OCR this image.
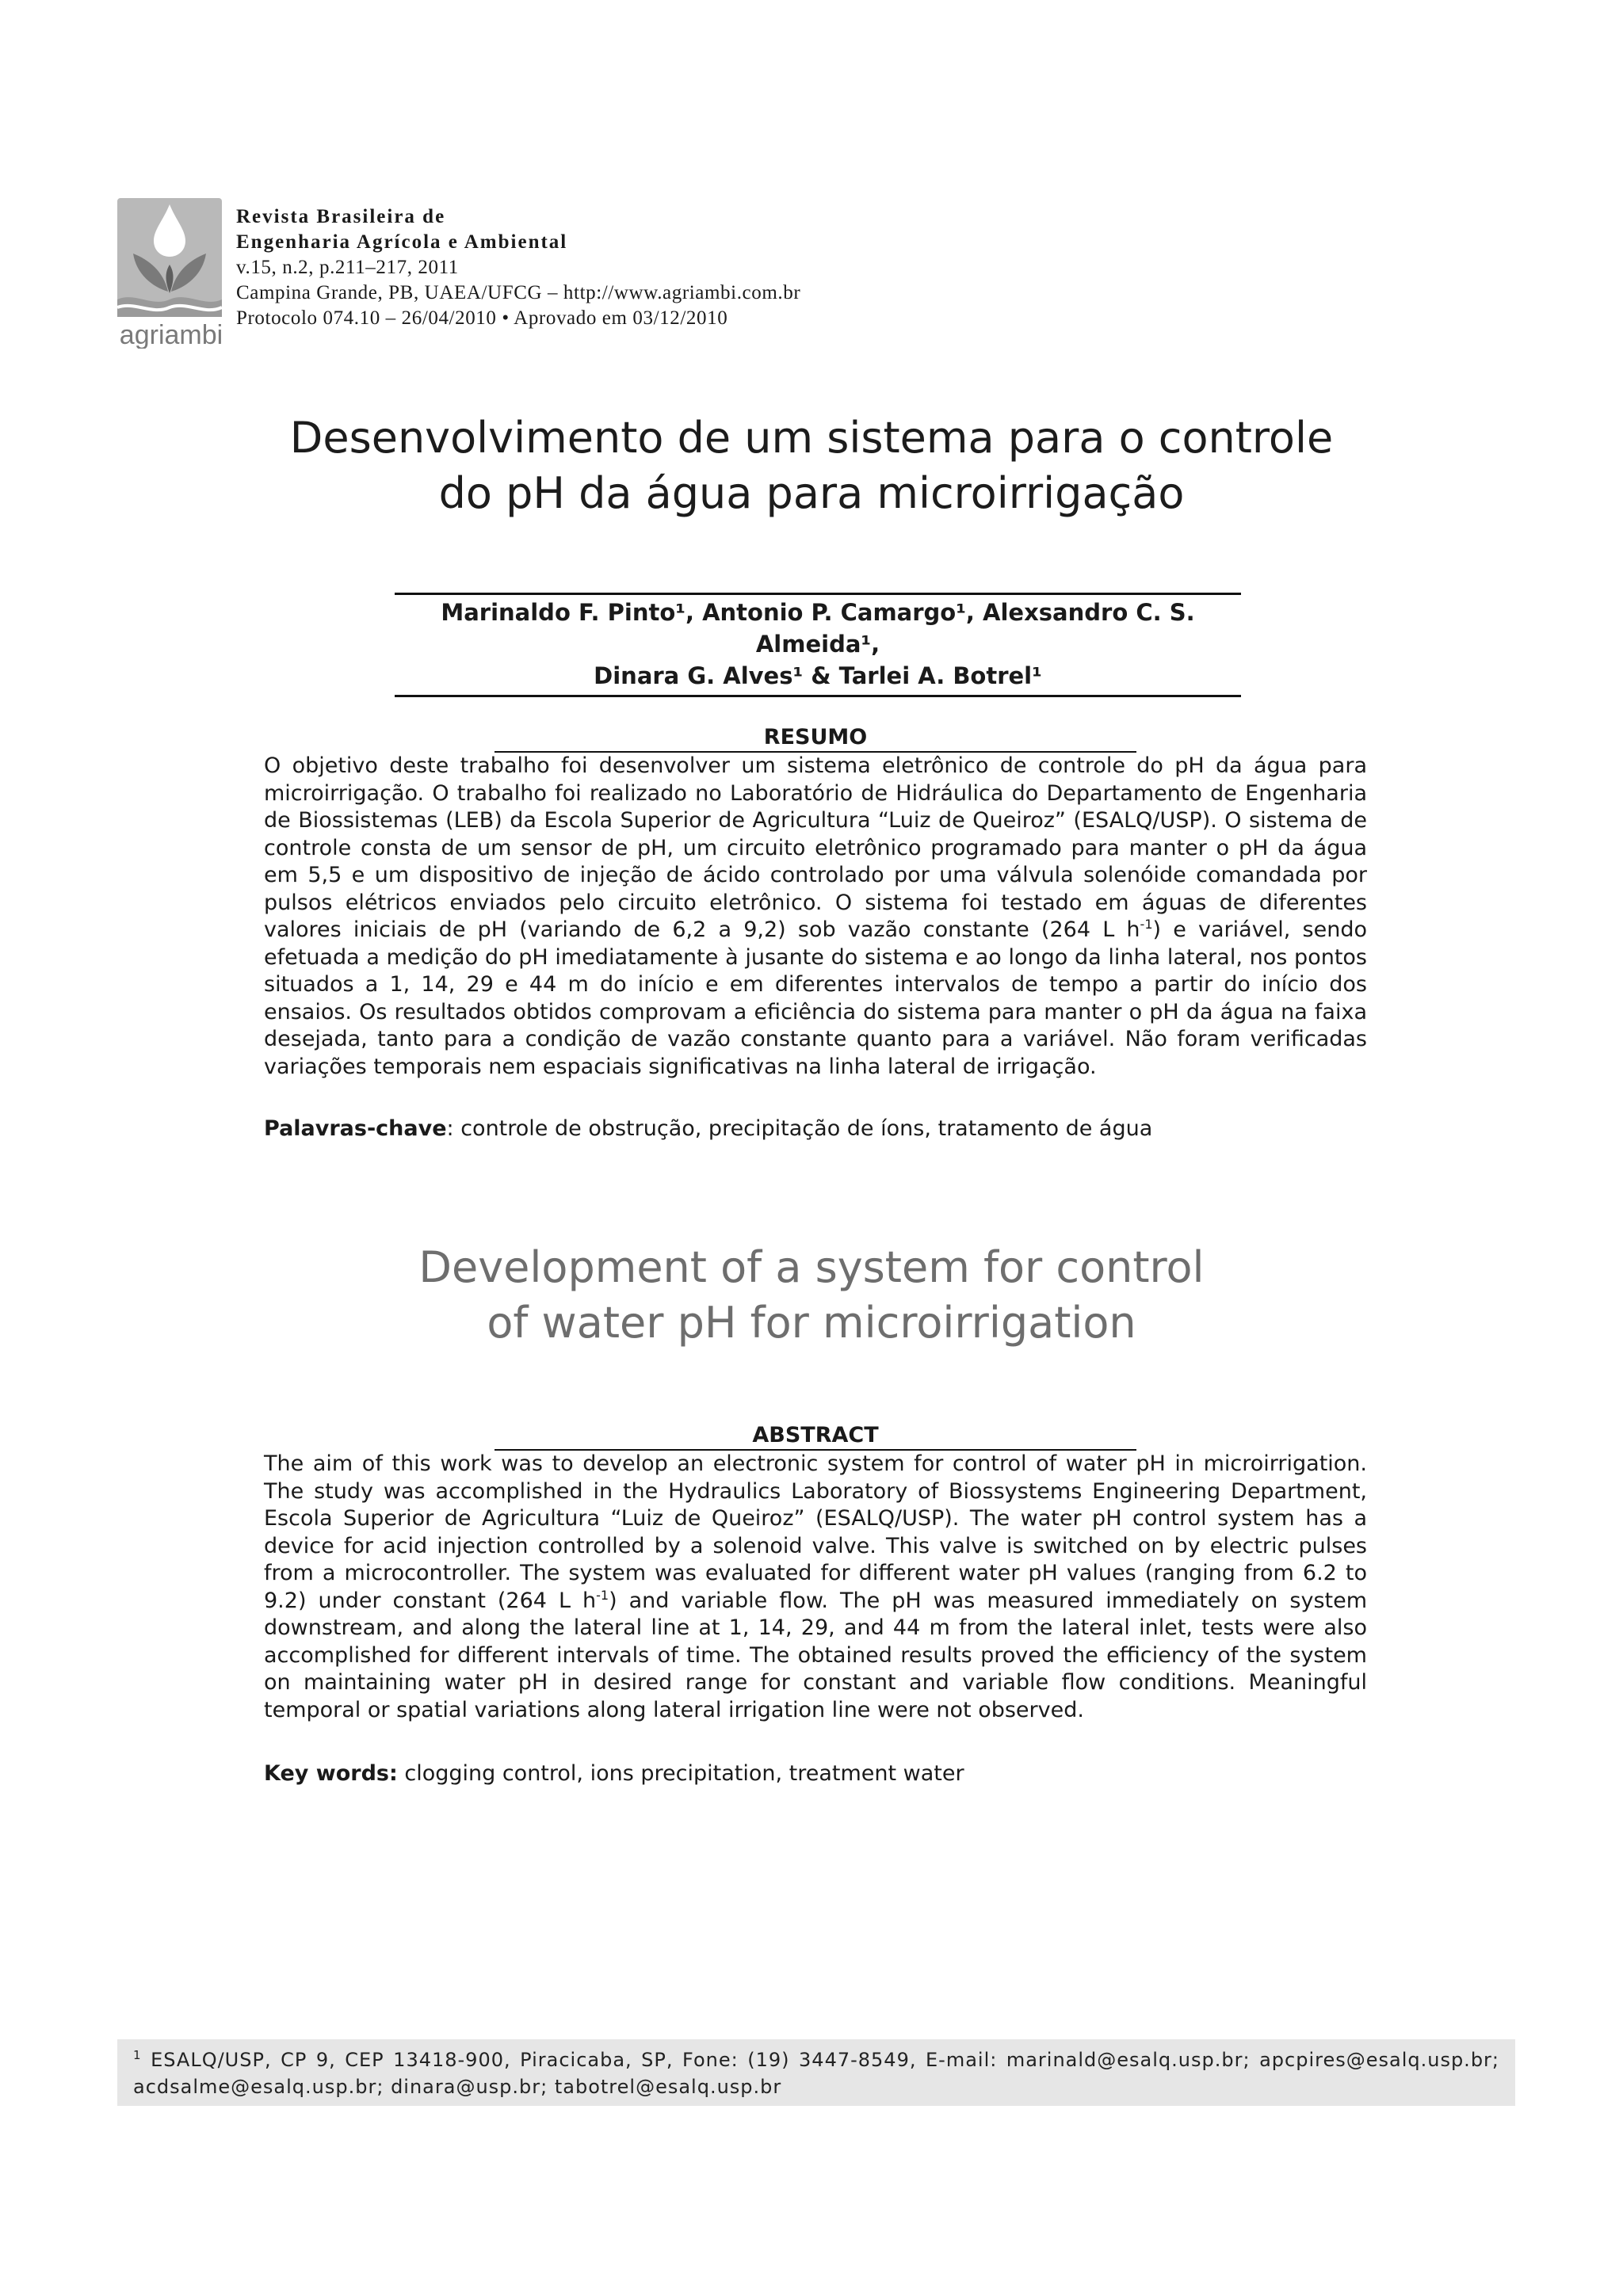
agriambi
Revista Brasileira de
Engenharia Agrícola e Ambiental
v.15, n.2, p.211–217, 2011
Campina Grande, PB, UAEA/UFCG – http://www.agriambi.com.br
Protocolo 074.10 – 26/04/2010 • Aprovado em 03/12/2010
Desenvolvimento de um sistema para o controle
do pH da água para microirrigação
Marinaldo F. Pinto¹, Antonio P. Camargo¹, Alexsandro C. S. Almeida¹,
Dinara G. Alves¹ & Tarlei A. Botrel¹
RESUMO
O objetivo deste trabalho foi desenvolver um sistema eletrônico de controle do pH da água para microirrigação. O trabalho foi realizado no Laboratório de Hidráulica do Departamento de Engenharia de Biossistemas (LEB) da Escola Superior de Agricultura “Luiz de Queiroz” (ESALQ/USP). O sistema de controle consta de um sensor de pH, um circuito eletrônico programado para manter o pH da água em 5,5 e um dispositivo de injeção de ácido controlado por uma válvula solenóide comandada por pulsos elétricos enviados pelo circuito eletrônico. O sistema foi testado em águas de diferentes valores iniciais de pH (variando de 6,2 a 9,2) sob vazão constante (264 L $h^{-1}$) e variável, sendo efetuada a medição do pH imediatamente à jusante do sistema e ao longo da linha lateral, nos pontos situados a 1, 14, 29 e 44 m do início e em diferentes intervalos de tempo a partir do início dos ensaios. Os resultados obtidos comprovam a eficiência do sistema para manter o pH da água na faixa desejada, tanto para a condição de vazão constante quanto para a variável. Não foram verificadas variações temporais nem espaciais significativas na linha lateral de irrigação.
Palavras-chave: controle de obstrução, precipitação de íons, tratamento de água
Development of a system for control
of water pH for microirrigation
ABSTRACT
The aim of this work was to develop an electronic system for control of water pH in microirrigation. The study was accomplished in the Hydraulics Laboratory of Biossystems Engineering Department, Escola Superior de Agricultura “Luiz de Queiroz” (ESALQ/USP). The water pH control system has a device for acid injection controlled by a solenoid valve. This valve is switched on by electric pulses from a microcontroller. The system was evaluated for different water pH values (ranging from 6.2 to 9.2) under constant (264 L $h^{-1}$) and variable flow. The pH was measured immediately on system downstream, and along the lateral line at 1, 14, 29, and 44 m from the lateral inlet, tests were also accomplished for different intervals of time. The obtained results proved the efficiency of the system on maintaining water pH in desired range for constant and variable flow conditions. Meaningful temporal or spatial variations along lateral irrigation line were not observed.
Key words: clogging control, ions precipitation, treatment water
$^1$ ESALQ/USP, CP 9, CEP 13418-900, Piracicaba, SP, Fone: (19) 3447-8549, E-mail: marinald@esalq.usp.br; apcpires@esalq.usp.br; acdsalme@esalq.usp.br; dinara@usp.br; tabotrel@esalq.usp.br
